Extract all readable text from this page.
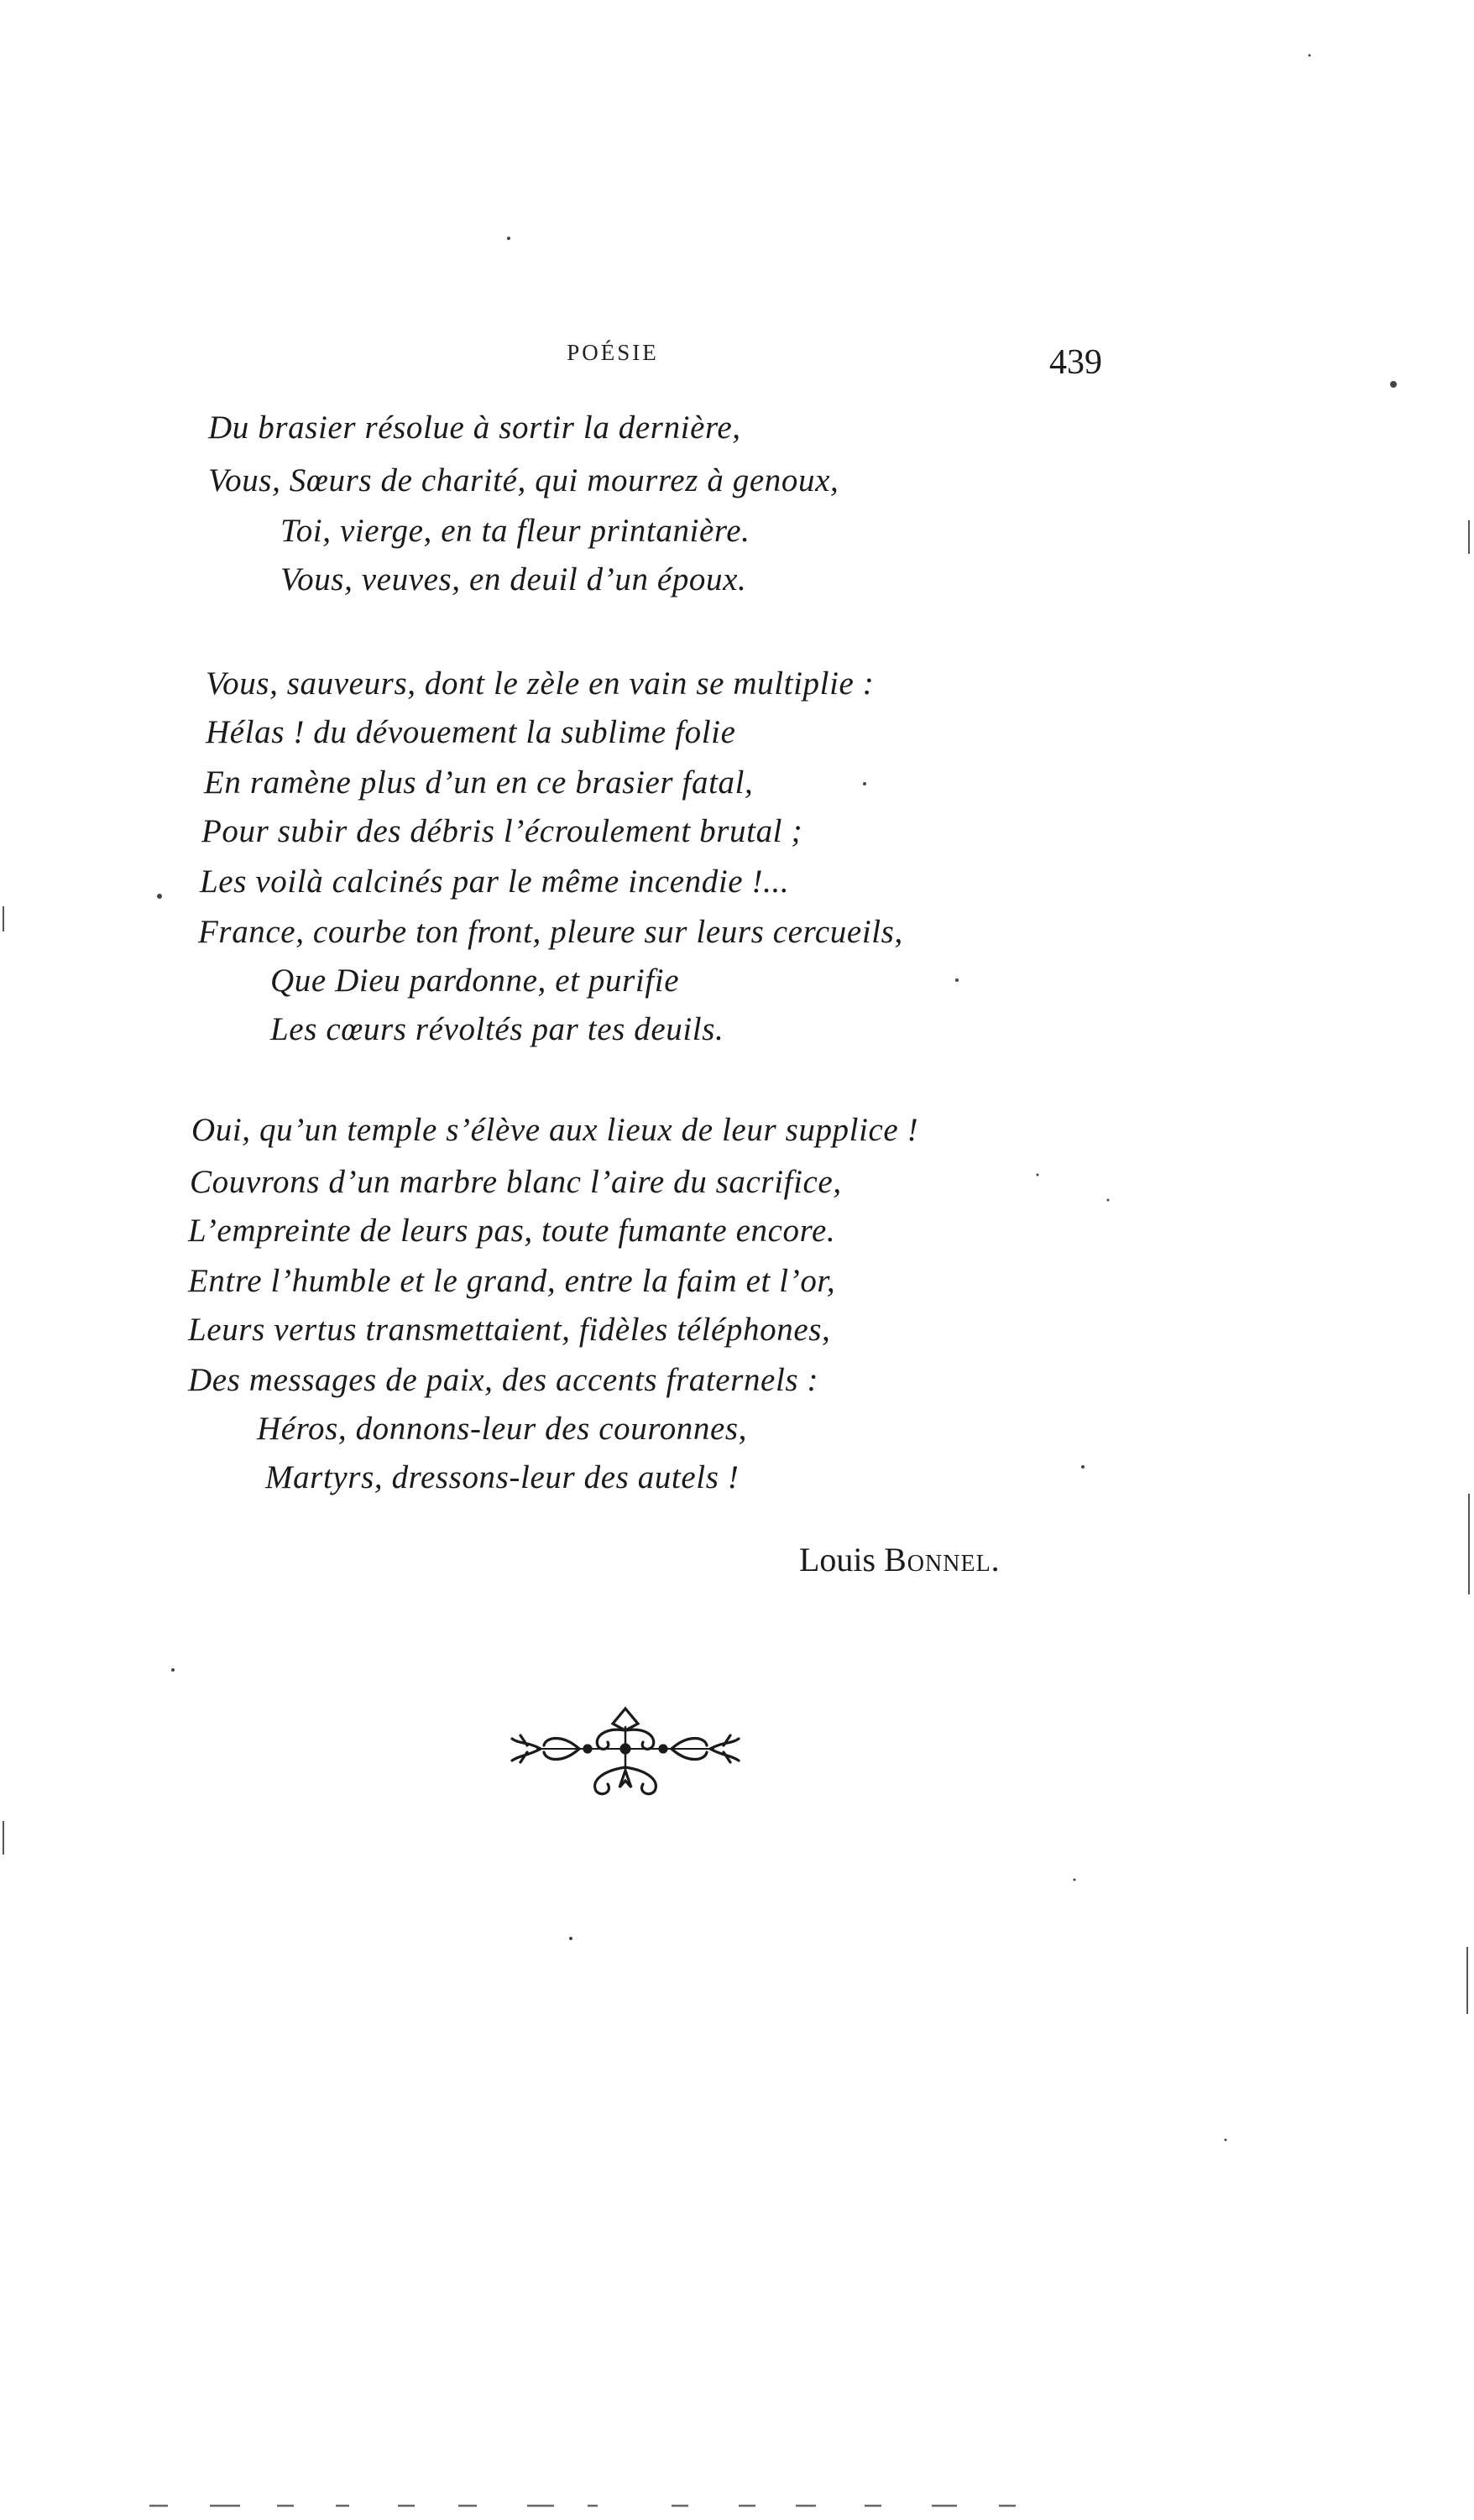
POÉSIE	439
Du brasier résolue à sortir la dernière,
Vous, Sœurs de charité, qui mourrez à genoux,
Toi, vierge, en ta fleur printanière.
Vous, veuves, en deuil d’un époux.
Vous, sauveurs, dont le zèle en vain se multiplie :
Hélas ! du dévouement la sublime folie
En ramène plus d’un en ce brasier fatal,
Pour subir des débris l’écroulement brutal ;
Les voilà calcinés par le même incendie !...
France, courbe ton front, pleure sur leurs cercueils,
Que Dieu pardonne, et purifie
Les cœurs révoltés par tes deuils.
Oui, qu’un temple s’élève aux lieux de leur supplice !
Couvrons d’un marbre blanc l’aire du sacrifice,
L’empreinte de leurs pas, toute fumante encore.
Entre l’humble et le grand, entre la faim et l’or,
Leurs vertus transmettaient, fidèles téléphones,
Des messages de paix, des accents fraternels :
Héros, donnons-leur des couronnes,
Martyrs, dressons-leur des autels !
Louis Bonnel.
